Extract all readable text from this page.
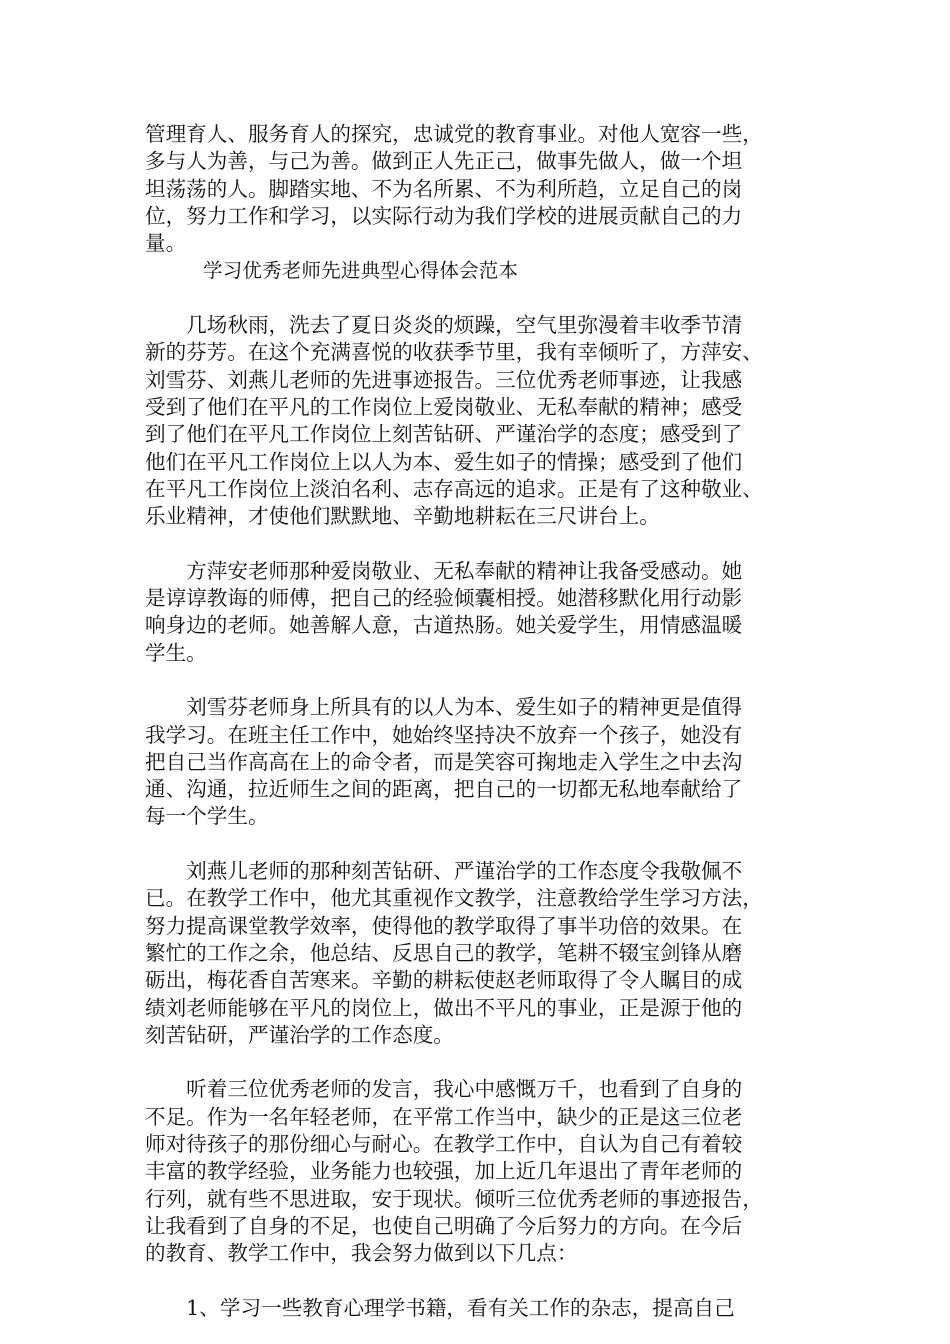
管理育人、服务育人的探究，忠诚党的教育事业。对他人宽容一些，
多与人为善，与己为善。做到正人先正己，做事先做人，做一个坦
坦荡荡的人。脚踏实地、不为名所累、不为利所趋，立足自己的岗
位，努力工作和学习，以实际行动为我们学校的进展贡献自己的力
量。
学习优秀老师先进典型心得体会范本
　　几场秋雨，洗去了夏日炎炎的烦躁，空气里弥漫着丰收季节清
新的芬芳。在这个充满喜悦的收获季节里，我有幸倾听了，方萍安、
刘雪芬、刘燕儿老师的先进事迹报告。三位优秀老师事迹，让我感
受到了他们在平凡的工作岗位上爱岗敬业、无私奉献的精神；感受
到了他们在平凡工作岗位上刻苦钻研、严谨治学的态度；感受到了
他们在平凡工作岗位上以人为本、爱生如子的情操；感受到了他们
在平凡工作岗位上淡泊名利、志存高远的追求。正是有了这种敬业、
乐业精神，才使他们默默地、辛勤地耕耘在三尺讲台上。
　　方萍安老师那种爱岗敬业、无私奉献的精神让我备受感动。她
是谆谆教诲的师傅，把自己的经验倾囊相授。她潜移默化用行动影
响身边的老师。她善解人意，古道热肠。她关爱学生，用情感温暖
学生。
　　刘雪芬老师身上所具有的以人为本、爱生如子的精神更是值得
我学习。在班主任工作中，她始终坚持决不放弃一个孩子，她没有
把自己当作高高在上的命令者，而是笑容可掬地走入学生之中去沟
通、沟通，拉近师生之间的距离，把自己的一切都无私地奉献给了
每一个学生。
　　刘燕儿老师的那种刻苦钻研、严谨治学的工作态度令我敬佩不
已。在教学工作中，他尤其重视作文教学，注意教给学生学习方法，
努力提高课堂教学效率，使得他的教学取得了事半功倍的效果。在
繁忙的工作之余，他总结、反思自己的教学，笔耕不辍宝剑锋从磨
砺出，梅花香自苦寒来。辛勤的耕耘使赵老师取得了令人瞩目的成
绩刘老师能够在平凡的岗位上，做出不平凡的事业，正是源于他的
刻苦钻研，严谨治学的工作态度。
　　听着三位优秀老师的发言，我心中感慨万千，也看到了自身的
不足。作为一名年轻老师，在平常工作当中，缺少的正是这三位老
师对待孩子的那份细心与耐心。在教学工作中，自认为自己有着较
丰富的教学经验，业务能力也较强，加上近几年退出了青年老师的
行列，就有些不思进取，安于现状。倾听三位优秀老师的事迹报告，
让我看到了自身的不足，也使自己明确了今后努力的方向。在今后
的教育、教学工作中，我会努力做到以下几点：
　　1、学习一些教育心理学书籍，看有关工作的杂志，提高自己
